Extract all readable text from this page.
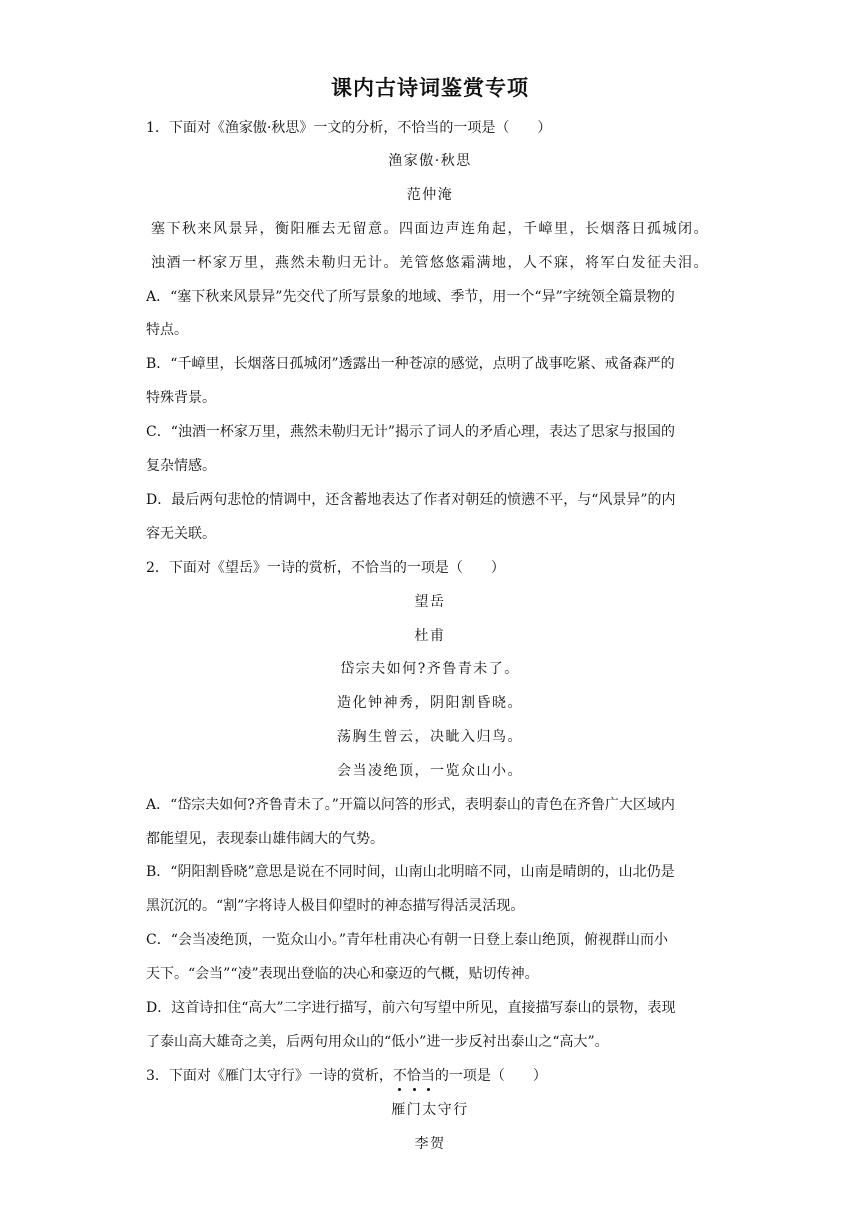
课内古诗词鉴赏专项
1．下面对《渔家傲·秋思》一文的分析，不恰当的一项是（　　）
渔家傲·秋思
范仲淹
塞下秋来风景异，衡阳雁去无留意。四面边声连角起，千嶂里，长烟落日孤城闭。
浊酒一杯家万里，燕然未勒归无计。羌管悠悠霜满地，人不寐，将军白发征夫泪。
A．“塞下秋来风景异”先交代了所写景象的地域、季节，用一个“异”字统领全篇景物的
特点。
B．“千嶂里，长烟落日孤城闭”透露出一种苍凉的感觉，点明了战事吃紧、戒备森严的
特殊背景。
C．“浊酒一杯家万里，燕然未勒归无计”揭示了词人的矛盾心理，表达了思家与报国的
复杂情感。
D．最后两句悲怆的情调中，还含蓄地表达了作者对朝廷的愤懑不平，与“风景异”的内
容无关联。
2．下面对《望岳》一诗的赏析，不恰当的一项是（　　）
望岳
杜甫
岱宗夫如何?齐鲁青未了。
造化钟神秀，阴阳割昏晓。
荡胸生曾云，决眦入归鸟。
会当凌绝顶，一览众山小。
A．“岱宗夫如何?齐鲁青未了。”开篇以问答的形式，表明泰山的青色在齐鲁广大区域内
都能望见，表现泰山雄伟阔大的气势。
B．“阴阳割昏晓”意思是说在不同时间，山南山北明暗不同，山南是晴朗的，山北仍是
黑沉沉的。“割”字将诗人极目仰望时的神态描写得活灵活现。
C．“会当凌绝顶，一览众山小。”青年杜甫决心有朝一日登上泰山绝顶，俯视群山而小
天下。“会当”“凌”表现出登临的决心和豪迈的气概，贴切传神。
D．这首诗扣住“高大”二字进行描写，前六句写望中所见，直接描写泰山的景物，表现
了泰山高大雄奇之美，后两句用众山的“低小”进一步反衬出泰山之“高大”。
3．下面对《雁门太守行》一诗的赏析，不恰当
的一项是（　　）
雁门太守行
李贺
